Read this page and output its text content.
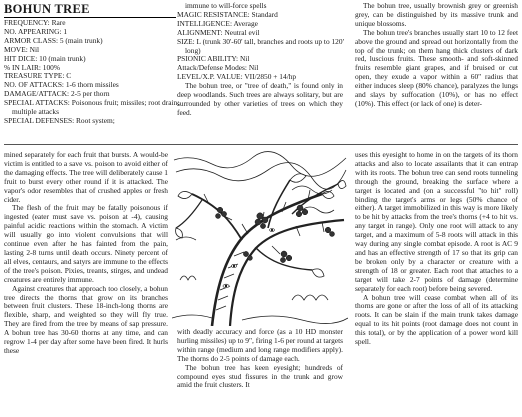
BOHUN TREE
FREQUENCY: Rare
NO. APPEARING: 1
ARMOR CLASS: 5 (main trunk)
MOVE: Nil
HIT DICE: 10 (main trunk)
% IN LAIR: 100%
TREASURE TYPE: C
NO. OF ATTACKS: 1-6 thorn missiles
DAMAGE/ATTACK: 2-5 per thorn
SPECIAL ATTACKS: Poisonous fruit; missiles; root drain; multiple attacks
SPECIAL DEFENSES: Root system;
immune to will-force spells
MAGIC RESISTANCE: Standard
INTELLIGENCE: Average
ALIGNMENT: Neutral evil
SIZE: L (trunk 30'-60' tall, branches and roots up to 120' long)
PSIONIC ABILITY: Nil
Attack/Defense Modes: Nil
LEVEL/X.P. VALUE: VII/2850 + 14/hp

The bohun tree, or "tree of death," is found only in deep woodlands. Such trees are always solitary, but are surrounded by other varieties of trees on which they feed.

The bohun tree, usually brownish grey or greenish grey, can be distinguished by its massive trunk and unique blossoms.

The bohun tree's branches usually start 10 to 12 feet above the ground and spread out horizontally from the top of the trunk; on them hang thick clusters of dark red, luscious fruits. These smooth- and soft-skinned fruits resemble giant grapes, and if bruised or cut open, they exude a vapor within a 60" radius that either induces sleep (80% chance), paralyzes the lungs and slays by suffocation (10%), or has no effect (10%). This effect (or lack of one) is deter-

mined separately for each fruit that bursts. A would-be victim is entitled to a save vs. poison to avoid either of the damaging effects. The tree will deliberately cause 1 fruit to burst every other round if it is attacked. The vapor's odor resembles that of crushed apples or fresh cider.

The flesh of the fruit may be fatally poisonous if ingested (eater must save vs. poison at -4), causing painful acidic reactions within the stomach. A victim will usually go into violent convulsions that will continue even after he has fainted from the pain, lasting 2-8 turns until death occurs. Ninety percent of all elves, centaurs, and satyrs are immune to the effects of the tree's poison. Pixies, treants, stirges, and undead creatures are entirely immune.

Against creatures that approach too closely, a bohun tree directs the thorns that grow on its branches between fruit clusters. These 18-inch-long thorns are flexible, sharp, and weighted so they will fly true. They are fired from the tree by means of sap pressure. A bohun tree has 30-60 thorns at any time, and can regrow 1-4 per day after some have been fired. It hurls these

with deadly accuracy and force (as a 10 HD monster hurling missiles) up to 9", firing 1-6 per round at targets within range (medium and long range modifiers apply). The thorns do 2-5 points of damage each.

The bohun tree has keen eyesight; hundreds of compound eyes stud fissures in the trunk and grow amid the fruit clusters. It

uses this eyesight to home in on the targets of its thorn attacks and also to locate assailants that it can entrap with its roots. The bohun tree can send roots tunneling through the ground, breaking the surface where a target is located and (on a successful "to hit" roll) binding the target's arms or legs (50% chance of either). A target immobilized in this way is more likely to be hit by attacks from the tree's thorns (+4 to hit vs. any target in range). Only one root will attack to any target, and a maximum of 5-8 roots will attack in this way during any single combat episode. A root is AC 9 and has an effective strength of 17 so that its grip can be broken only by a character or creature with a strength of 18 or greater. Each root that attaches to a target will take 2-7 points of damage (determine separately for each root) before being severed.

A bohun tree will cease combat when all of its thorns are gone or after the loss of all of its attacking roots. It can be slain if the main trunk takes damage equal to its hit points (root damage does not count in this total), or by the application of a power word kill spell.
